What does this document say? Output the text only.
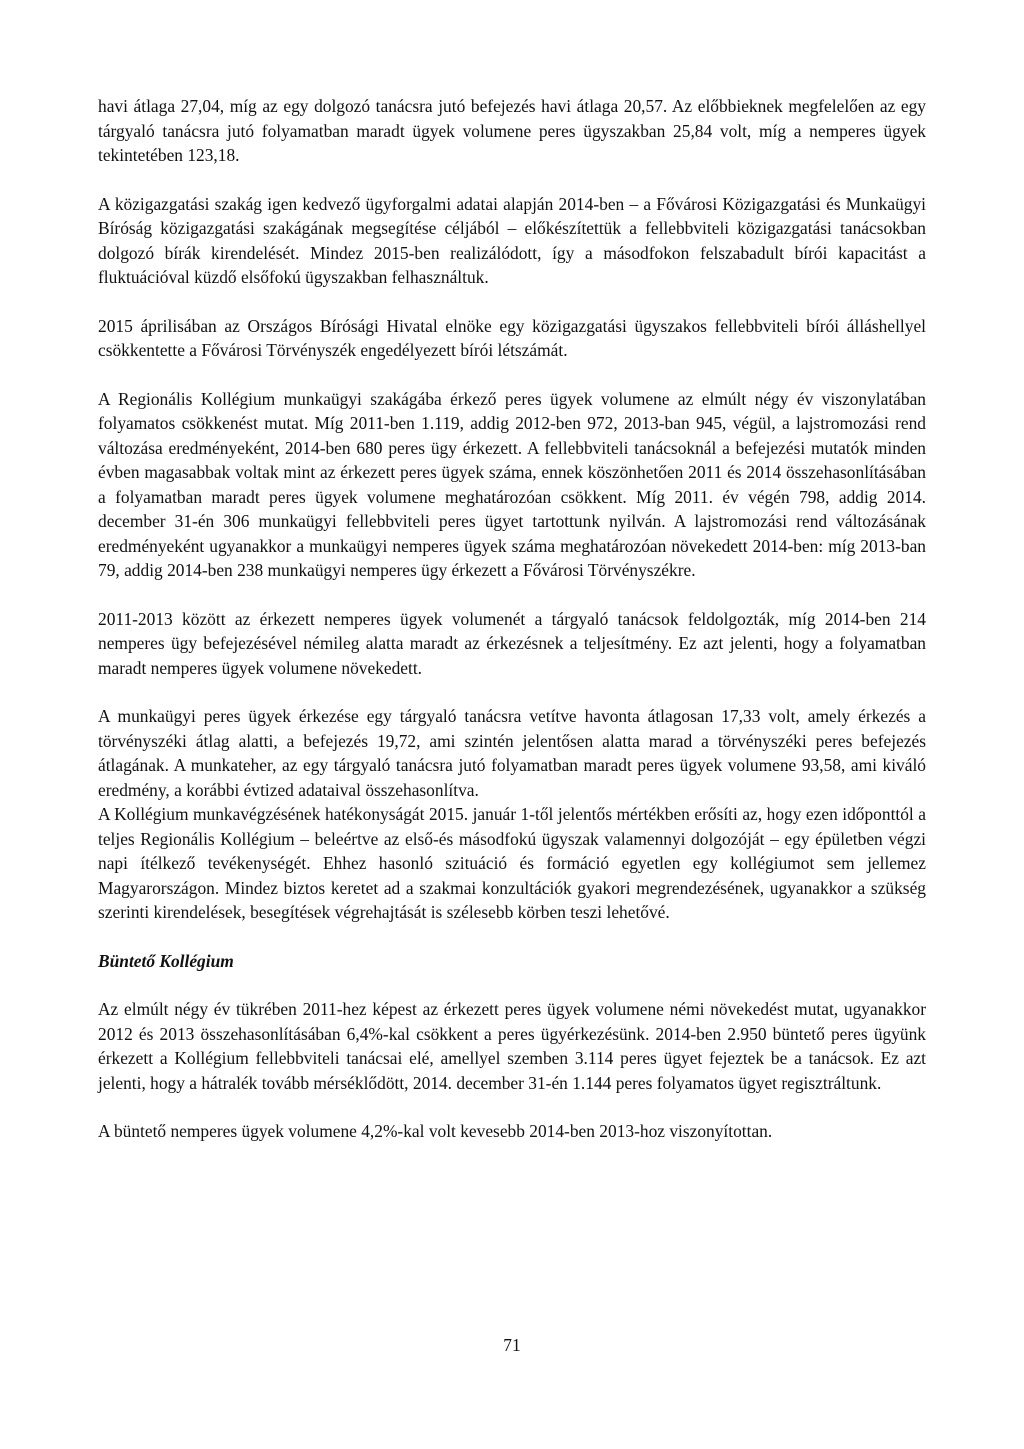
havi átlaga 27,04, míg az egy dolgozó tanácsra jutó befejezés havi átlaga 20,57. Az előbbieknek megfelelően az egy tárgyaló tanácsra jutó folyamatban maradt ügyek volumene peres ügyszakban 25,84 volt, míg a nemperes ügyek tekintetében 123,18.

A közigazgatási szakág igen kedvező ügyforgalmi adatai alapján 2014-ben – a Fővárosi Közigazgatási és Munkaügyi Bíróság közigazgatási szakágának megsegítése céljából – előkészítettük a fellebbviteli közigazgatási tanácsokban dolgozó bírák kirendelését. Mindez 2015-ben realizálódott, így a másodfokon felszabadult bírói kapacitást a fluktuációval küzdő elsőfokú ügyszakban felhasználtuk.

2015 áprilisában az Országos Bírósági Hivatal elnöke egy közigazgatási ügyszakos fellebbviteli bírói álláshellyel csökkentette a Fővárosi Törvényszék engedélyezett bírói létszámát.

A Regionális Kollégium munkaügyi szakágába érkező peres ügyek volumene az elmúlt négy év viszonylatában folyamatos csökkenést mutat. Míg 2011-ben 1.119, addig 2012-ben 972, 2013-ban 945, végül, a lajstromozási rend változása eredményeként, 2014-ben 680 peres ügy érkezett. A fellebbviteli tanácsoknál a befejezési mutatók minden évben magasabbak voltak mint az érkezett peres ügyek száma, ennek köszönhetően 2011 és 2014 összehasonlításában a folyamatban maradt peres ügyek volumene meghatározóan csökkent. Míg 2011. év végén 798, addig 2014. december 31-én 306 munkaügyi fellebbviteli peres ügyet tartottunk nyilván. A lajstromozási rend változásának eredményeként ugyanakkor a munkaügyi nemperes ügyek száma meghatározóan növekedett 2014-ben: míg 2013-ban 79, addig 2014-ben 238 munkaügyi nemperes ügy érkezett a Fővárosi Törvényszékre.

2011-2013 között az érkezett nemperes ügyek volumenét a tárgyaló tanácsok feldolgozták, míg 2014-ben 214 nemperes ügy befejezésével némileg alatta maradt az érkezésnek a teljesítmény. Ez azt jelenti, hogy a folyamatban maradt nemperes ügyek volumene növekedett.

A munkaügyi peres ügyek érkezése egy tárgyaló tanácsra vetítve havonta átlagosan 17,33 volt, amely érkezés a törvényszéki átlag alatti, a befejezés 19,72, ami szintén jelentősen alatta marad a törvényszéki peres befejezés átlagának. A munkateher, az egy tárgyaló tanácsra jutó folyamatban maradt peres ügyek volumene 93,58, ami kiváló eredmény, a korábbi évtized adataival összehasonlítva.

A Kollégium munkavégzésének hatékonyságát 2015. január 1-től jelentős mértékben erősíti az, hogy ezen időponttól a teljes Regionális Kollégium – beleértve az első-és másodfokú ügyszak valamennyi dolgozóját – egy épületben végzi napi ítélkező tevékenységét. Ehhez hasonló szituáció és formáció egyetlen egy kollégiumot sem jellemez Magyarországon. Mindez biztos keretet ad a szakmai konzultációk gyakori megrendezésének, ugyanakkor a szükség szerinti kirendelések, besegítések végrehajtását is szélesebb körben teszi lehetővé.

Büntető Kollégium

Az elmúlt négy év tükrében 2011-hez képest az érkezett peres ügyek volumene némi növekedést mutat, ugyanakkor 2012 és 2013 összehasonlításában 6,4%-kal csökkent a peres ügyérkezésünk. 2014-ben 2.950 büntető peres ügyünk érkezett a Kollégium fellebbviteli tanácsai elé, amellyel szemben 3.114 peres ügyet fejeztek be a tanácsok. Ez azt jelenti, hogy a hátralék tovább mérséklődött, 2014. december 31-én 1.144 peres folyamatos ügyet regisztráltunk.

A büntető nemperes ügyek volumene 4,2%-kal volt kevesebb 2014-ben 2013-hoz viszonyítottan.

71
